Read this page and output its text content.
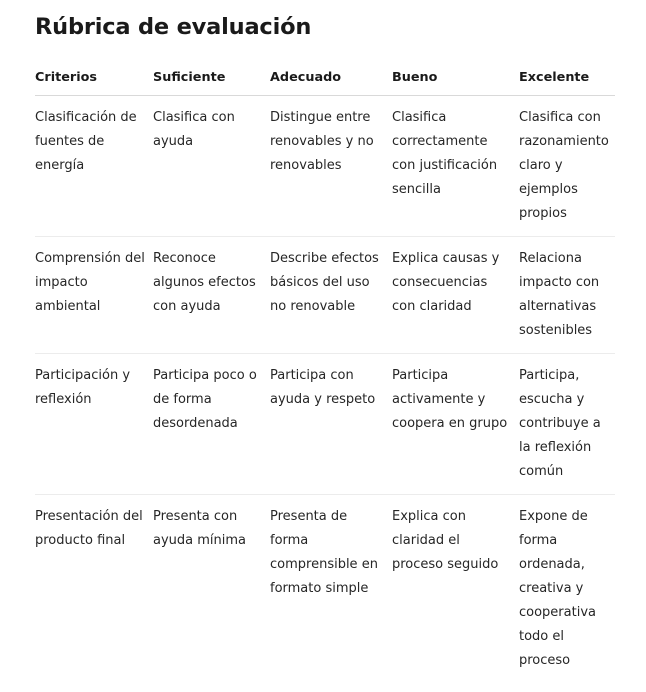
Rúbrica de evaluación
Criterios	Suficiente	Adecuado	Bueno	Excelente
Clasificación de fuentes de energía	Clasifica con ayuda	Distingue entre renovables y no renovables	Clasifica correctamente con justificación sencilla	Clasifica con razonamiento claro y ejemplos propios
Comprensión del impacto ambiental	Reconoce algunos efectos con ayuda	Describe efectos básicos del uso no renovable	Explica causas y consecuencias con claridad	Relaciona impacto con alternativas sostenibles
Participación y reflexión	Participa poco o de forma desordenada	Participa con ayuda y respeto	Participa activamente y coopera en grupo	Participa, escucha y contribuye a la reflexión común
Presentación del producto final	Presenta con ayuda mínima	Presenta de forma comprensible en formato simple	Explica con claridad el proceso seguido	Expone de forma ordenada, creativa y cooperativa todo el proceso
